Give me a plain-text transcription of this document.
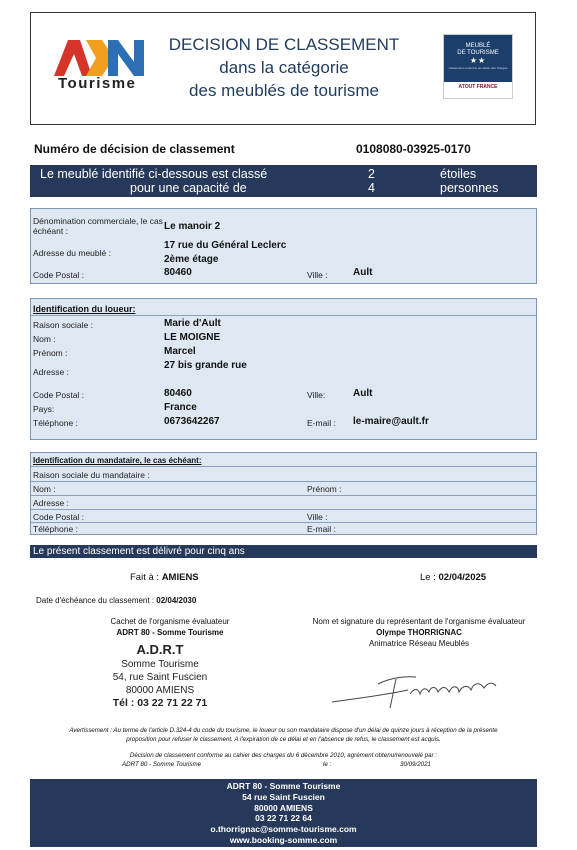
Tourisme
DECISION DE CLASSEMENT
dans la catégorie
des meublés de tourisme
MEUBLÉ
DE TOURISME
★★
classement conforme au cahier des charges
ATOUT FRANCE
Numéro de décision de classement	0108080-03925-0170
Le meublé identifié ci-dessous est classé	2	étoiles
pour une capacité de	4	personnes
Dénomination commerciale, le cas échéant :	Le manoir 2
Adresse du meublé :
17 rue du Général Leclerc
2ème étage
Code Postal :	80460	Ville :	Ault
Identification du loueur:
Raison sociale :	Marie d'Ault
Nom :	LE MOIGNE
Prénom :	Marcel
Adresse :
27 bis grande rue
Code Postal :	80460	Ville:	Ault
Pays:	France
Téléphone :	0673642267	E-mail : le-maire@ault.fr
Identification du mandataire, le cas échéant:
Raison sociale du mandataire :
Nom :	Prénom :
Adresse :
Code Postal :	Ville :
Téléphone :	E-mail :
Le présent classement est délivré pour cinq ans
Fait à : AMIENS	Le : 02/04/2025
Date d'échéance du classement : 02/04/2030
Cachet de l'organisme évaluateur
ADRT 80 - Somme Tourisme
A.D.R.T
Somme Tourisme
54, rue Saint Fuscien
80000 AMIENS
Tél : 03 22 71 22 71
Nom et signature du représentant de l'organisme évaluateur
Olympe THORRIGNAC
Animatrice Réseau Meublés
Avertissement : Au terme de l'article D.324-4 du code du tourisme, le loueur ou son mandataire dispose d'un délai de quinze jours à réception de la présente
proposition pour refuser le classement. A l'expiration de ce délai et en l'absence de refus, le classement est acquis.
Décision de classement conforme au cahier des charges du 6 décembre 2010, agrément obtenu/renouvelé par :
ADRT 80 - Somme Tourisme	le :	30/09/2021
ADRT 80 - Somme Tourisme
54 rue Saint Fuscien
80000 AMIENS
03 22 71 22 64
o.thorrignac@somme-tourisme.com
www.booking-somme.com
